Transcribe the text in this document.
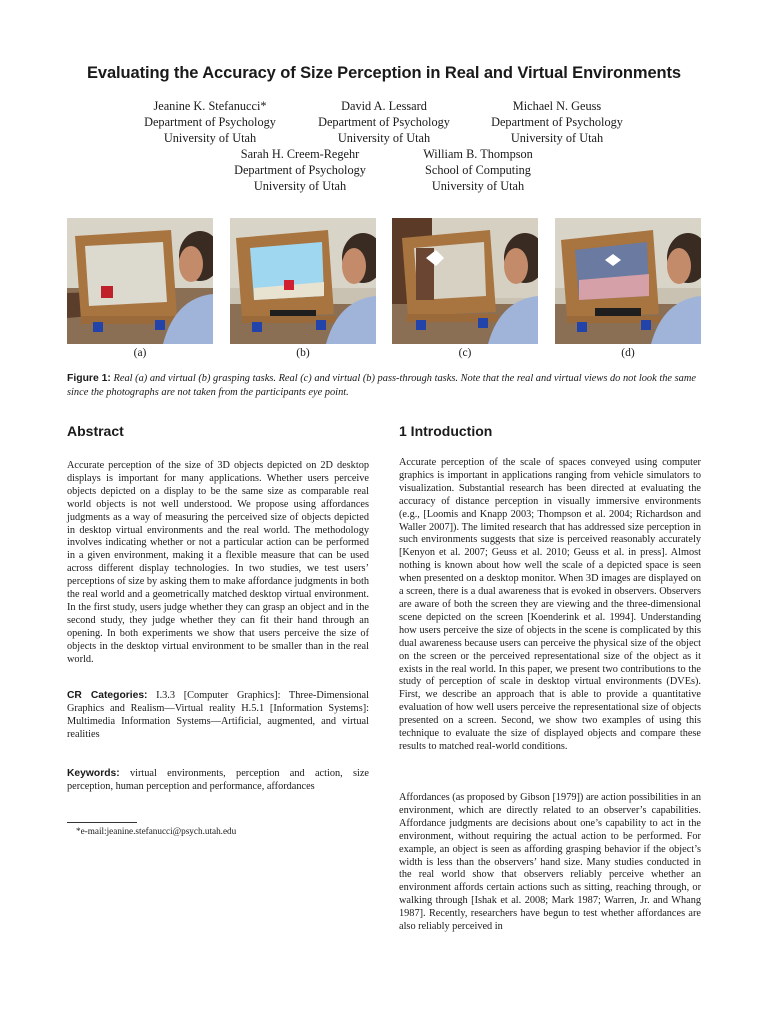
Evaluating the Accuracy of Size Perception in Real and Virtual Environments
Jeanine K. Stefanucci*
Department of Psychology
University of Utah
David A. Lessard
Department of Psychology
University of Utah
Michael N. Geuss
Department of Psychology
University of Utah
Sarah H. Creem-Regehr
Department of Psychology
University of Utah
William B. Thompson
School of Computing
University of Utah
(a)	(b)	(c)	(d)
Figure 1: Real (a) and virtual (b) grasping tasks. Real (c) and virtual (b) pass-through tasks. Note that the real and virtual views do not look the same since the photographs are not taken from the participants eye point.
Abstract
Accurate perception of the size of 3D objects depicted on 2D desktop displays is important for many applications. Whether users perceive objects depicted on a display to be the same size as comparable real world objects is not well understood. We propose using affordances judgments as a way of measuring the perceived size of objects depicted in desktop virtual environments and the real world. The methodology involves indicating whether or not a particular action can be performed in a given environment, making it a flexible measure that can be used across different display technologies. In two studies, we test users’ perceptions of size by asking them to make affordance judgments in both the real world and a geometrically matched desktop virtual environment. In the first study, users judge whether they can grasp an object and in the second study, they judge whether they can fit their hand through an opening. In both experiments we show that users perceive the size of objects in the desktop virtual environment to be smaller than in the real world.
CR Categories: I.3.3 [Computer Graphics]: Three-Dimensional Graphics and Realism—Virtual reality H.5.1 [Information Systems]: Multimedia Information Systems—Artificial, augmented, and virtual realities
Keywords: virtual environments, perception and action, size perception, human perception and performance, affordances
*e-mail:jeanine.stefanucci@psych.utah.edu
1 Introduction
Accurate perception of the scale of spaces conveyed using computer graphics is important in applications ranging from vehicle simulators to visualization. Substantial research has been directed at evaluating the accuracy of distance perception in visually immersive environments (e.g., [Loomis and Knapp 2003; Thompson et al. 2004; Richardson and Waller 2007]). The limited research that has addressed size perception in such environments suggests that size is perceived reasonably accurately [Kenyon et al. 2007; Geuss et al. 2010; Geuss et al. in press]. Almost nothing is known about how well the scale of a depicted space is seen when presented on a desktop monitor. When 3D images are displayed on a screen, there is a dual awareness that is evoked in observers. Observers are aware of both the screen they are viewing and the three-dimensional scene depicted on the screen [Koenderink et al. 1994]. Understanding how users perceive the size of objects in the scene is complicated by this dual awareness because users can perceive the physical size of the object on the screen or the perceived representational size of the object as it exists in the real world. In this paper, we present two contributions to the study of perception of scale in desktop virtual environments (DVEs). First, we describe an approach that is able to provide a quantitative evaluation of how well users perceive the representational size of objects presented on a screen. Second, we show two examples of using this technique to evaluate the size of displayed objects and compare these results to matched real-world conditions.
Affordances (as proposed by Gibson [1979]) are action possibilities in an environment, which are directly related to an observer’s capabilities. Affordance judgments are decisions about one’s capability to act in the environment, without requiring the actual action to be performed. For example, an object is seen as affording grasping behavior if the object’s width is less than the observers’ hand size. Many studies conducted in the real world show that observers reliably perceive whether an environment affords certain actions such as sitting, reaching through, or walking through [Ishak et al. 2008; Mark 1987; Warren, Jr. and Whang 1987]. Recently, researchers have begun to test whether affordances are also reliably perceived in
